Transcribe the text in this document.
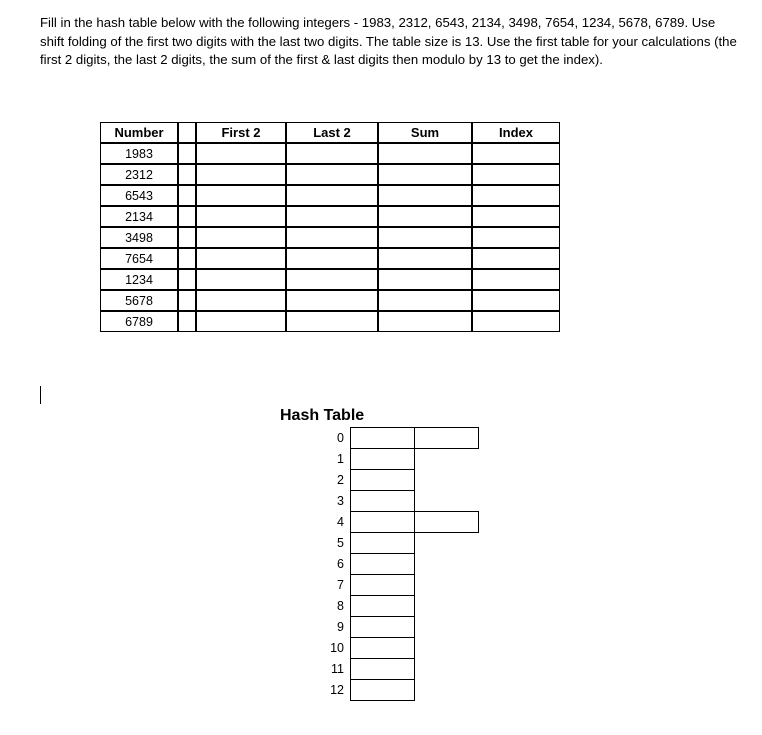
Fill in the hash table below with the following integers - 1983, 2312, 6543, 2134, 3498, 7654, 1234, 5678, 6789. Use shift folding of the first two digits with the last two digits. The table size is 13. Use the first table for your calculations (the first 2 digits, the last 2 digits, the sum of the first & last digits then modulo by 13 to get the index).

Number		First 2	Last 2	Sum	Index
1983					
2312					
6543					
2134					
3498					
7654					
1234					
5678					
6789					
Hash Table
0
1
2
3
4
5
6
7
8
9
10
11
12
